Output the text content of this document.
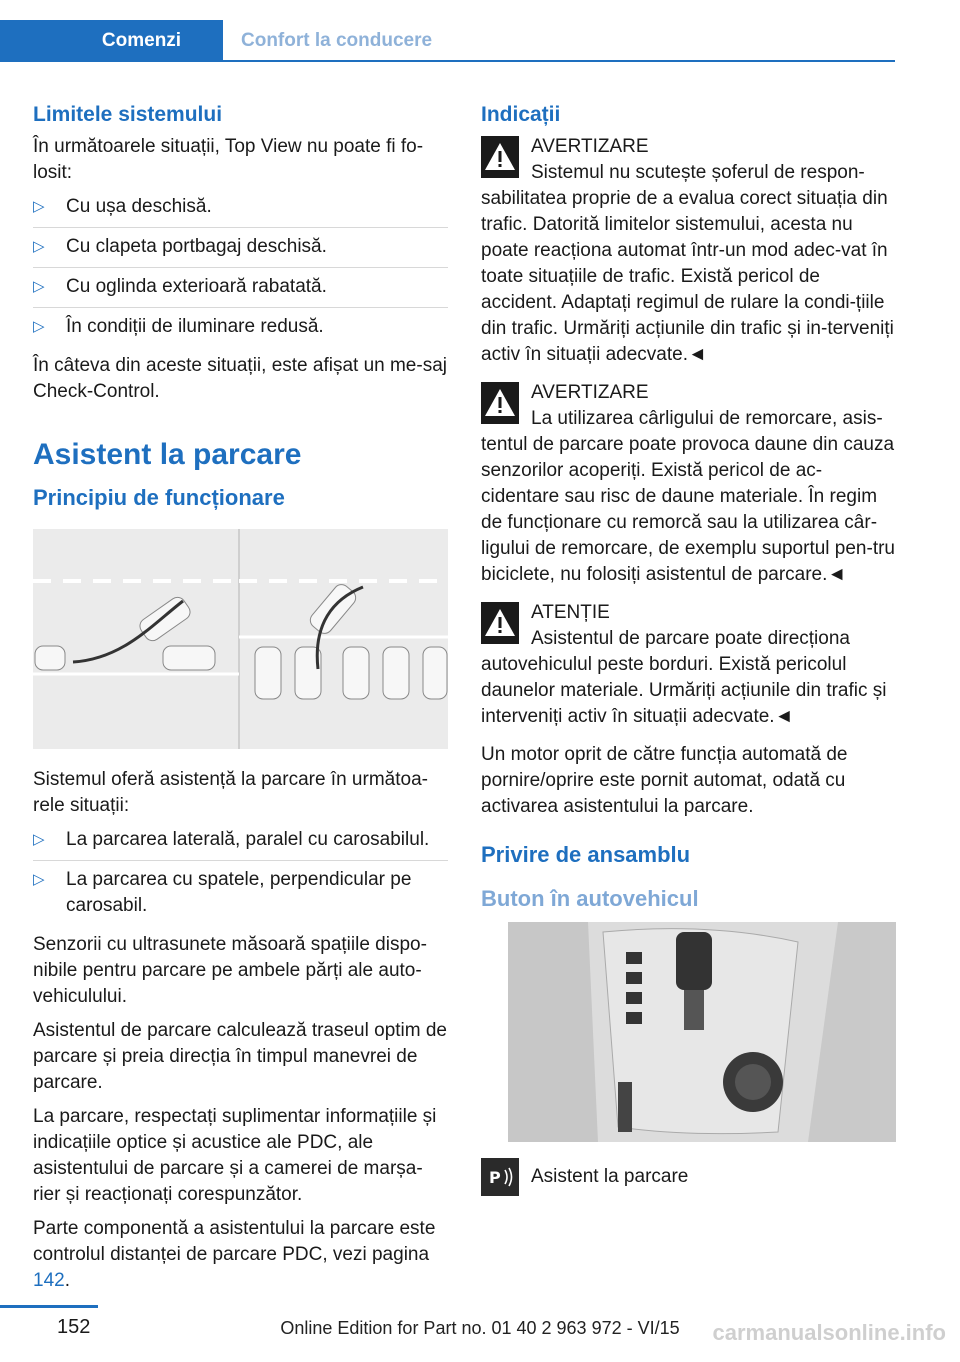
Comenzi	Confort la conducere
Limitele sistemului

În următoarele situații, Top View nu poate fi fo-losit:

▷ Cu ușa deschisă.
▷ Cu clapeta portbagaj deschisă.
▷ Cu oglinda exterioară rabatată.
▷ În condiții de iluminare redusă.

În câteva din aceste situații, este afișat un me-saj Check-Control.

Asistent la parcare
Principiu de funcționare

Sistemul oferă asistență la parcare în următoa-rele situații:

▷ La parcarea laterală, paralel cu carosabilul.
▷ La parcarea cu spatele, perpendicular pe carosabil.

Senzorii cu ultrasunete măsoară spațiile dispo-nibile pentru parcare pe ambele părți ale auto-vehiculului.

Asistentul de parcare calculează traseul optim de parcare și preia direcția în timpul manevrei de parcare.

La parcare, respectați suplimentar informațiile și indicațiile optice și acustice ale PDC, ale asistentului de parcare și a camerei de marșa-rier și reacționați corespunzător.

Parte componentă a asistentului la parcare este controlul distanței de parcare PDC, vezi pagina 142.

Indicații
AVERTIZARE
Sistemul nu scutește șoferul de respon-sabilitatea proprie de a evalua corect situația din trafic. Datorită limitelor sistemului, acesta nu poate reacționa automat într-un mod adec-vat în toate situațiile de trafic. Există pericol de accident. Adaptați regimul de rulare la condi-țiile din trafic. Urmăriți acțiunile din trafic și in-terveniți activ în situații adecvate.◄
AVERTIZARE
La utilizarea cârligului de remorcare, asis-tentul de parcare poate provoca daune din cauza senzorilor acoperiți. Există pericol de ac-cidentare sau risc de daune materiale. În regim de funcționare cu remorcă sau la utilizarea câr-ligului de remorcare, de exemplu suportul pen-tru biciclete, nu folosiți asistentul de parcare.◄
ATENȚIE
Asistentul de parcare poate direcționa autovehiculul peste borduri. Există pericolul daunelor materiale. Urmăriți acțiunile din trafic și interveniți activ în situații adecvate.◄

Un motor oprit de către funcția automată de pornire/oprire este pornit automat, odată cu activarea asistentului la parcare.

Privire de ansamblu
Buton în autovehicul
P Asistent la parcare
152	Online Edition for Part no. 01 40 2 963 972 - VI/15	carmanualsonline.info
